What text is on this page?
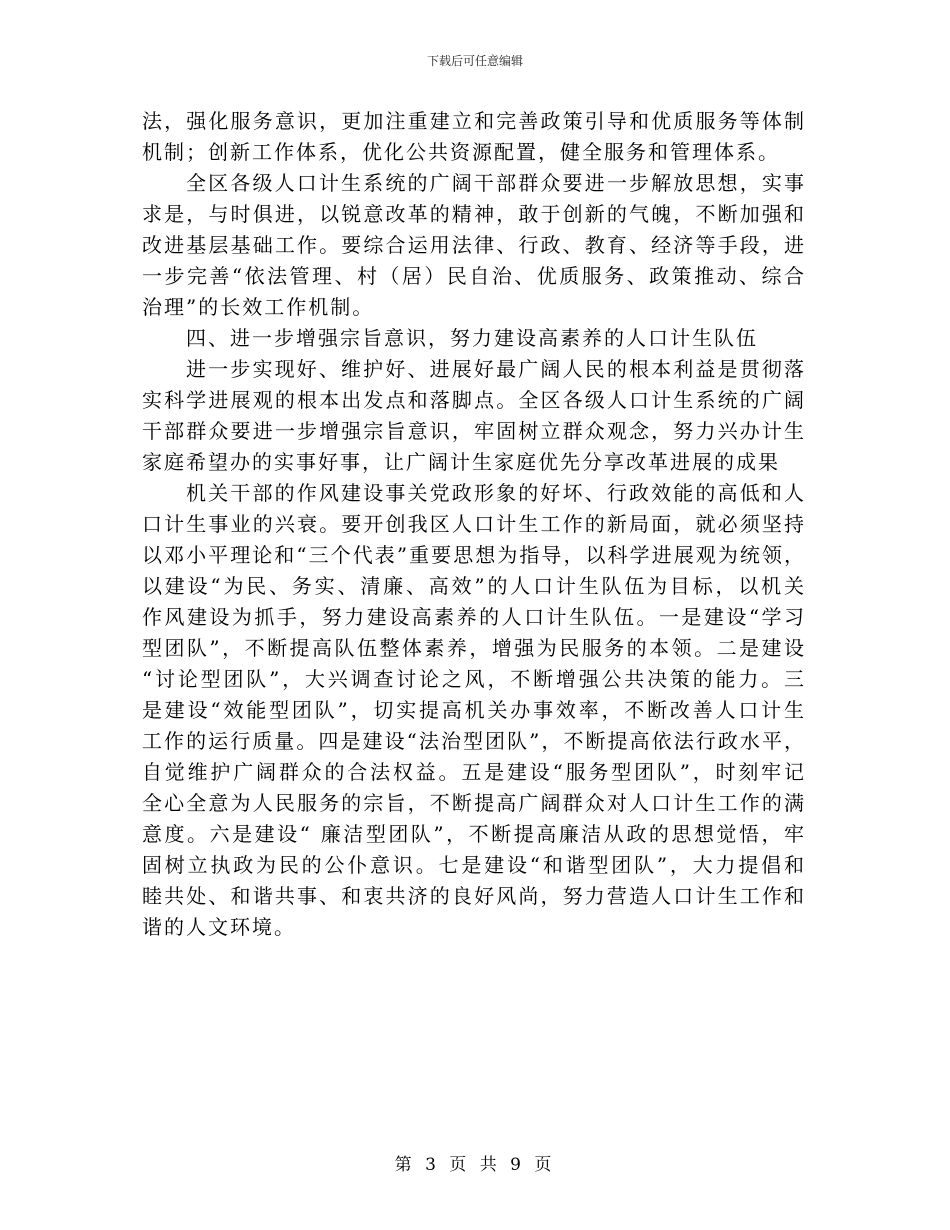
下载后可任意编辑
法，强化服务意识，更加注重建立和完善政策引导和优质服务等体制
机制；创新工作体系，优化公共资源配置，健全服务和管理体系。
全区各级人口计生系统的广阔干部群众要进一步解放思想，实事
求是，与时俱进，以锐意改革的精神，敢于创新的气魄，不断加强和
改进基层基础工作。要综合运用法律、行政、教育、经济等手段，进
一步完善“依法管理、村（居）民自治、优质服务、政策推动、综合
治理”的长效工作机制。
四、进一步增强宗旨意识，努力建设高素养的人口计生队伍
进一步实现好、维护好、进展好最广阔人民的根本利益是贯彻落
实科学进展观的根本出发点和落脚点。全区各级人口计生系统的广阔
干部群众要进一步增强宗旨意识，牢固树立群众观念，努力兴办计生
家庭希望办的实事好事，让广阔计生家庭优先分享改革进展的成果
机关干部的作风建设事关党政形象的好坏、行政效能的高低和人
口计生事业的兴衰。要开创我区人口计生工作的新局面，就必须坚持
以邓小平理论和“三个代表”重要思想为指导，以科学进展观为统领，
以建设“为民、务实、清廉、高效”的人口计生队伍为目标，以机关
作风建设为抓手，努力建设高素养的人口计生队伍。一是建设“学习
型团队”，不断提高队伍整体素养，增强为民服务的本领。二是建设
“讨论型团队”，大兴调查讨论之风，不断增强公共决策的能力。三
是建设“效能型团队”，切实提高机关办事效率，不断改善人口计生
工作的运行质量。四是建设“法治型团队”，不断提高依法行政水平，
自觉维护广阔群众的合法权益。五是建设“服务型团队”，时刻牢记
全心全意为人民服务的宗旨，不断提高广阔群众对人口计生工作的满
意度。六是建设“ 廉洁型团队”，不断提高廉洁从政的思想觉悟，牢
固树立执政为民的公仆意识。七是建设“和谐型团队”，大力提倡和
睦共处、和谐共事、和衷共济的良好风尚，努力营造人口计生工作和
谐的人文环境。
第 3 页 共 9 页
